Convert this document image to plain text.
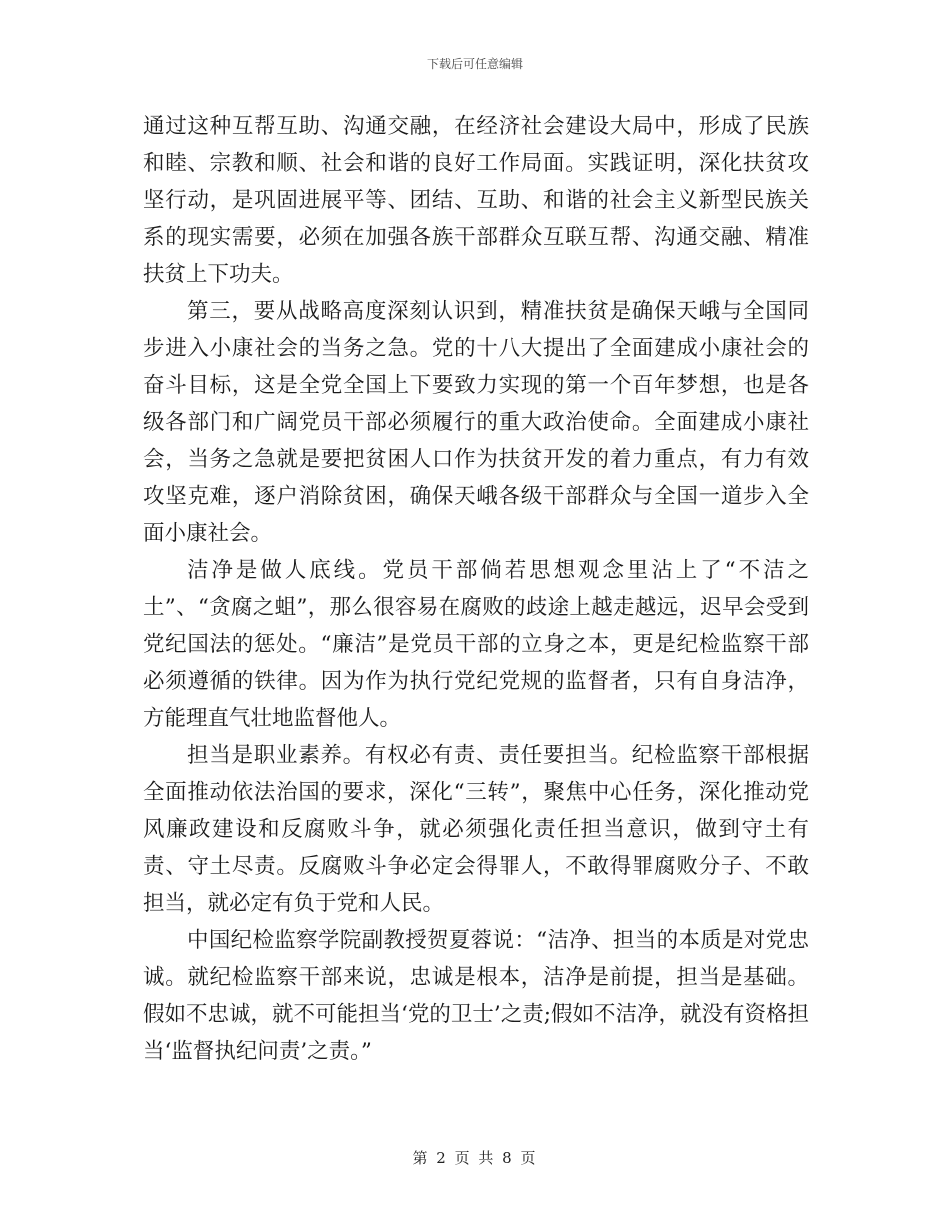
下载后可任意编辑

通过这种互帮互助、沟通交融，在经济社会建设大局中，形成了民族和睦、宗教和顺、社会和谐的良好工作局面。实践证明，深化扶贫攻坚行动，是巩固进展平等、团结、互助、和谐的社会主义新型民族关系的现实需要，必须在加强各族干部群众互联互帮、沟通交融、精准扶贫上下功夫。

第三，要从战略高度深刻认识到，精准扶贫是确保天峨与全国同步进入小康社会的当务之急。党的十八大提出了全面建成小康社会的奋斗目标，这是全党全国上下要致力实现的第一个百年梦想，也是各级各部门和广阔党员干部必须履行的重大政治使命。全面建成小康社会，当务之急就是要把贫困人口作为扶贫开发的着力重点，有力有效攻坚克难，逐户消除贫困，确保天峨各级干部群众与全国一道步入全面小康社会。

洁净是做人底线。党员干部倘若思想观念里沾上了“不洁之土”、“贪腐之蛆”，那么很容易在腐败的歧途上越走越远，迟早会受到党纪国法的惩处。“廉洁”是党员干部的立身之本，更是纪检监察干部必须遵循的铁律。因为作为执行党纪党规的监督者，只有自身洁净，方能理直气壮地监督他人。

担当是职业素养。有权必有责、责任要担当。纪检监察干部根据全面推动依法治国的要求，深化“三转”，聚焦中心任务，深化推动党风廉政建设和反腐败斗争，就必须强化责任担当意识，做到守土有责、守土尽责。反腐败斗争必定会得罪人，不敢得罪腐败分子、不敢担当，就必定有负于党和人民。

中国纪检监察学院副教授贺夏蓉说：“洁净、担当的本质是对党忠诚。就纪检监察干部来说，忠诚是根本，洁净是前提，担当是基础。假如不忠诚，就不可能担当‘党的卫士’之责;假如不洁净，就没有资格担当‘监督执纪问责’之责。”

第 2 页 共 8 页
